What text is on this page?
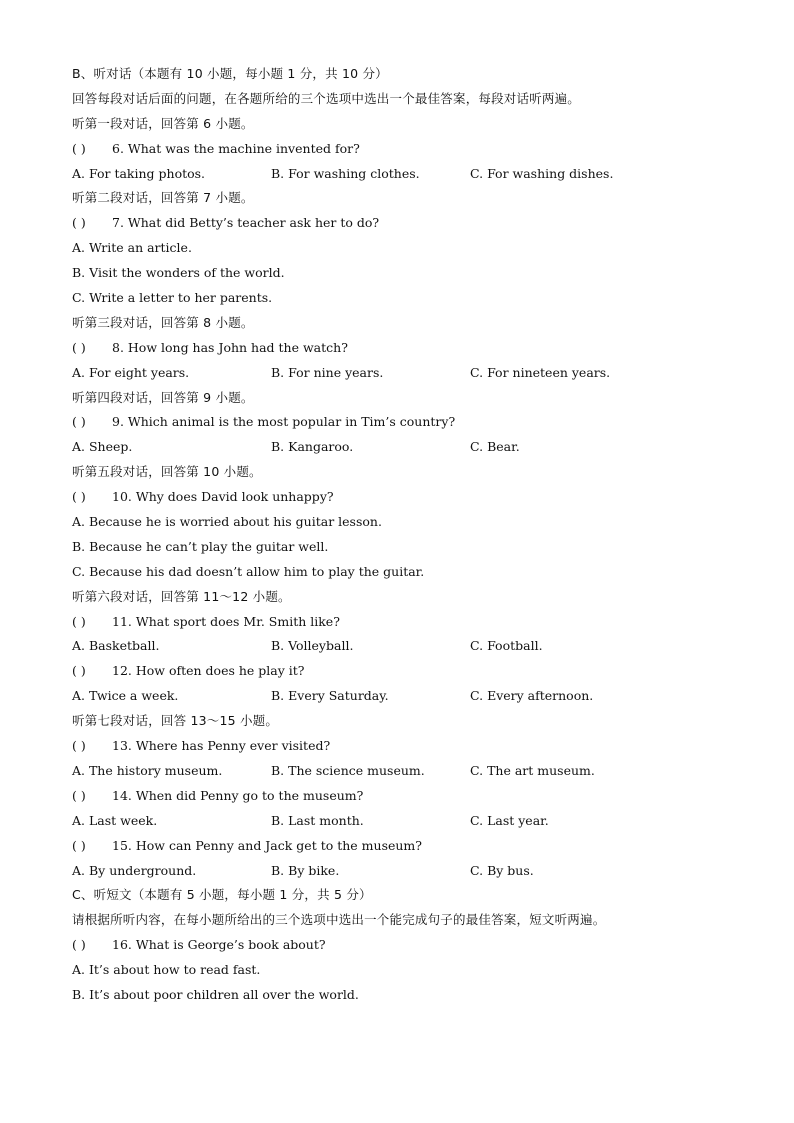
B、听对话（本题有 10 小题，每小题 1 分，共 10 分）
回答每段对话后面的问题，在各题所给的三个选项中选出一个最佳答案，每段对话听两遍。
听第一段对话，回答第 6 小题。
( )	6. What was the machine invented for?
A. For taking photos.	B. For washing clothes.	C. For washing dishes.
听第二段对话，回答第 7 小题。
( )	7. What did Betty’s teacher ask her to do?
A. Write an article.
B. Visit the wonders of the world.
C. Write a letter to her parents.
听第三段对话，回答第 8 小题。
( )	8. How long has John had the watch?
A. For eight years.	B. For nine years.	C. For nineteen years.
听第四段对话，回答第 9 小题。
( )	9. Which animal is the most popular in Tim’s country?
A. Sheep.	B. Kangaroo.	C. Bear.
听第五段对话，回答第 10 小题。
( )	10. Why does David look unhappy?
A. Because he is worried about his guitar lesson.
B. Because he can’t play the guitar well.
C. Because his dad doesn’t allow him to play the guitar.
听第六段对话，回答第 11～12 小题。
( )	11. What sport does Mr. Smith like?
A. Basketball.	B. Volleyball.	C. Football.
( )	12. How often does he play it?
A. Twice a week.	B. Every Saturday.	C. Every afternoon.
听第七段对话，回答 13～15 小题。
( )	13. Where has Penny ever visited?
A. The history museum.	B. The science museum.	C. The art museum.
( )	14. When did Penny go to the museum?
A. Last week.	B. Last month.	C. Last year.
( )	15. How can Penny and Jack get to the museum?
A. By underground.	B. By bike.	C. By bus.
C、听短文（本题有 5 小题，每小题 1 分，共 5 分）
请根据所听内容，在每小题所给出的三个选项中选出一个能完成句子的最佳答案，短文听两遍。
( )	16. What is George’s book about?
A. It’s about how to read fast.
B. It’s about poor children all over the world.
